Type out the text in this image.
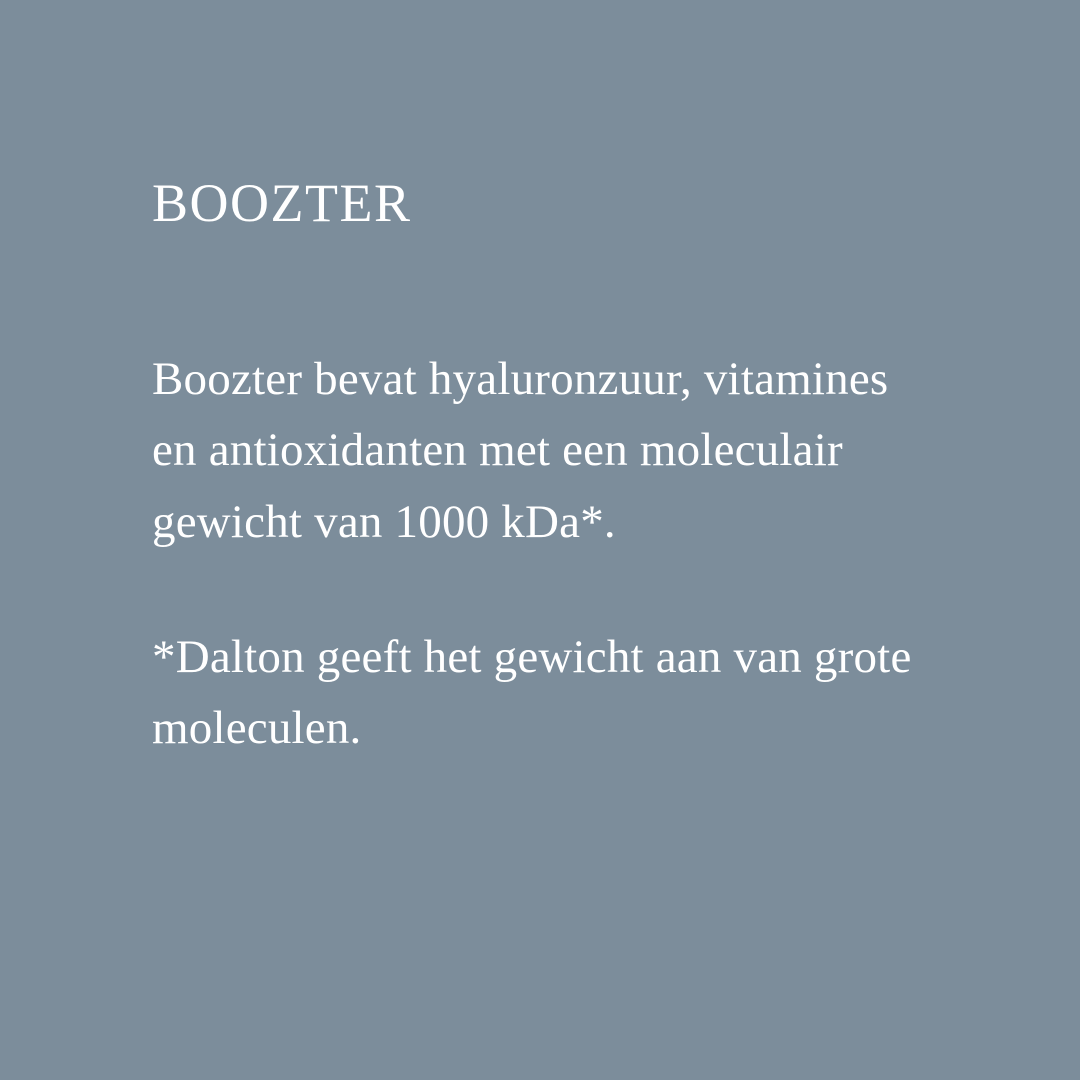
BOOZTER

Boozter bevat hyaluronzuur, vitamines en antioxidanten met een moleculair gewicht van 1000 kDa*.

*Dalton geeft het gewicht aan van grote moleculen.
